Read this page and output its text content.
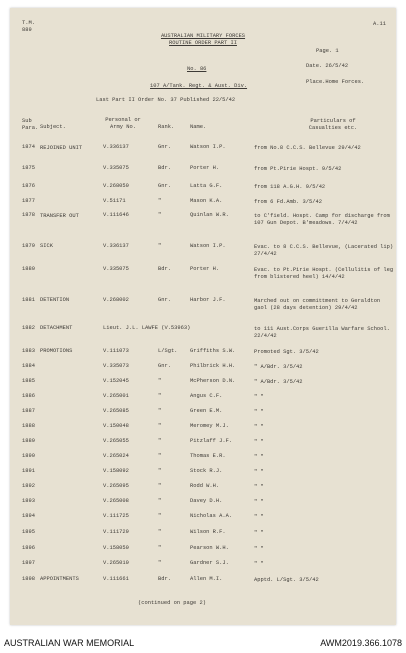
T.M.
889
A.11
AUSTRALIAN MILITARY FORCES
ROUTINE ORDER PART II
No. 86
107 A/Tank. Regt. & Aust. Div.
Page. 1
Date. 26/5/42
Place.Home Forces.
Last Part II Order No. 37 Published 22/5/42
Sub Para. Subject.
Personal or Army No.	Rank.	Name.
Particulars of Casualties etc.
1874 REJOINED UNIT	V.336137	Gnr.	Watson I.P.	from No.8 C.C.S. Bellevue 29/4/42
1875	V.335075	Bdr.	Porter H.	from Pt.Pirie Hospt. 9/5/42
1876	V.268050	Gnr.	Latta G.F.	from 118 A.G.H. 9/5/42
1877	V.51171	"	Mason K.A.	from 6 Fd.Amb. 3/5/42
1878 TRANSFER OUT	V.111646	"	Quinlan W.R.	to C'field. Hospt. Camp for discharge from 107 Gun Depot. B'meadows. 7/4/42
1879 SICK	V.336137	"	Watson I.P.	Evac. to 8 C.C.S. Bellevue, (Lacerated lip) 27/4/42
1880	V.335075	Bdr.	Porter H.	Evac. to Pt.Pirie Hospt. (Cellulitis of leg from blistered heel) 14/4/42
1881 DETENTION	V.268002	Gnr.	Harbor J.F.	Marched out on committment to Geraldton gaol (28 days detention) 29/4/42
1882 DETACHMENT	Lieut. J.L. LAWFE (V.53963)	to 111 Aust.Corps Guerilla Warfare School. 22/4/42
1883 PROMOTIONS	V.111073	L/Sgt. Griffiths S.W.	Promoted Sgt. 3/5/42
1884	V.335073	Gnr.	Philbrick H.H.	" A/Bdr. 3/5/42
1885	V.152045	"	McPherson D.N.	" A/Bdr. 3/5/42
1886	V.265001	"	Angus C.F.	" "
1887	V.265085	"	Green E.M.	" "
1888	V.150048	"	Meromey M.J.	" "
1889	V.265055	"	Pitzlaff J.F.	" "
1890	V.265024	"	Thomas E.R.	" "
1891	V.158092	"	Stock R.J.	" "
1892	V.265095	"	Rodd W.H.	" "
1893	V.265008	"	Davey D.H.	" "
1894	V.111725	"	Nicholas A.A.	" "
1895	V.111729	"	Wilson R.F.	" "
1896	V.158050	"	Pearson W.H.	" "
1897	V.265010	"	Gardner S.J.	" "
1898 APPOINTMENTS	V.111661	Bdr.	Allen M.I.	Apptd. L/Sgt. 3/5/42
(continued on page 2)
AUSTRALIAN WAR MEMORIAL	AWM2019.366.1078
